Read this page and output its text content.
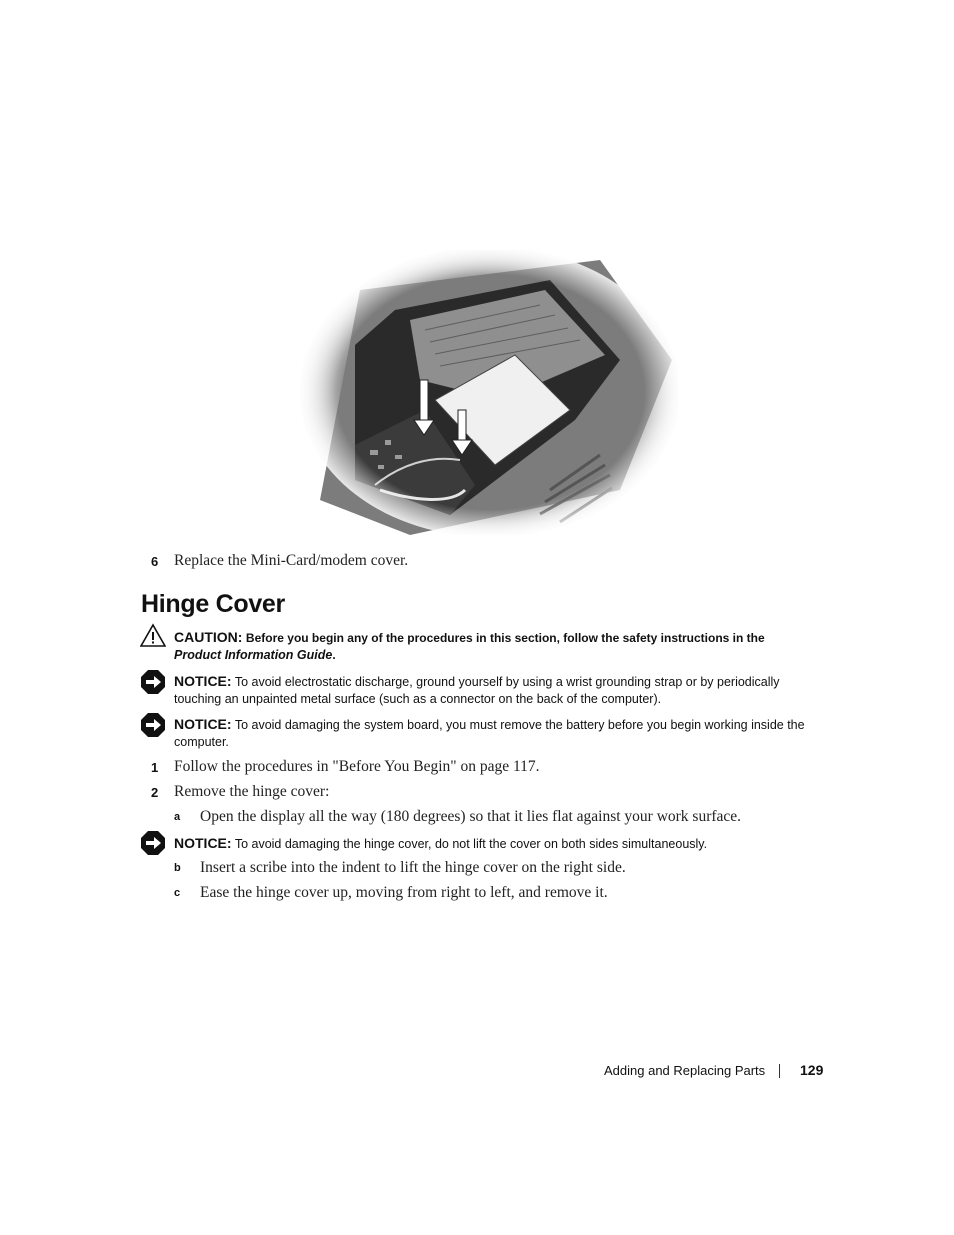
6 Replace the Mini-Card/modem cover.
Hinge Cover
CAUTION: Before you begin any of the procedures in this section, follow the safety instructions in the Product Information Guide.
NOTICE: To avoid electrostatic discharge, ground yourself by using a wrist grounding strap or by periodically touching an unpainted metal surface (such as a connector on the back of the computer).
NOTICE: To avoid damaging the system board, you must remove the battery before you begin working inside the computer.
1 Follow the procedures in "Before You Begin" on page 117.
2 Remove the hinge cover:
a Open the display all the way (180 degrees) so that it lies flat against your work surface.
NOTICE: To avoid damaging the hinge cover, do not lift the cover on both sides simultaneously.
b Insert a scribe into the indent to lift the hinge cover on the right side.
c Ease the hinge cover up, moving from right to left, and remove it.
Adding and Replacing Parts 129
